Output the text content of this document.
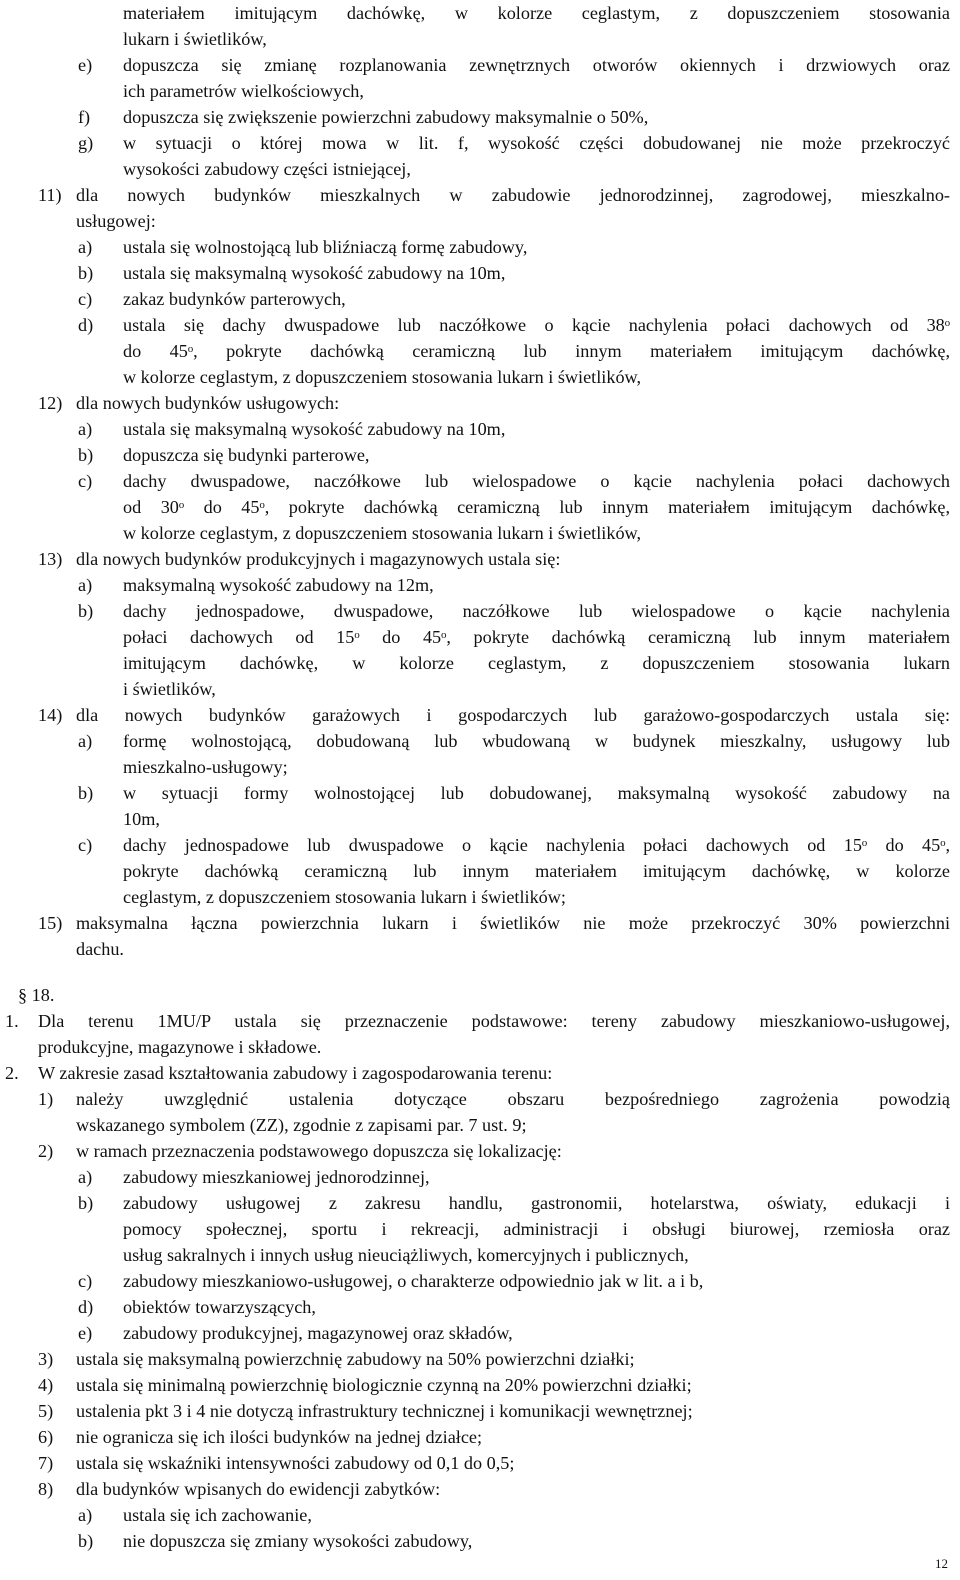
materiałem imitującym dachówkę, w kolorze ceglastym, z dopuszczeniem stosowania
lukarn i świetlików,
e) dopuszcza się zmianę rozplanowania zewnętrznych otworów okiennych i drzwiowych oraz
ich parametrów wielkościowych,
f) dopuszcza się zwiększenie powierzchni zabudowy maksymalnie o 50%,
g) w sytuacji o której mowa w lit. f, wysokość części dobudowanej nie może przekroczyć
wysokości zabudowy części istniejącej,
11) dla nowych budynków mieszkalnych w zabudowie jednorodzinnej, zagrodowej, mieszkalno-
usługowej:
a) ustala się wolnostojącą lub bliźniaczą formę zabudowy,
b) ustala się maksymalną wysokość zabudowy na 10m,
c) zakaz budynków parterowych,
d) ustala się dachy dwuspadowe lub naczółkowe o kącie nachylenia połaci dachowych od 38ᵒ
do 45ᵒ, pokryte dachówką ceramiczną lub innym materiałem imitującym dachówkę,
w kolorze ceglastym, z dopuszczeniem stosowania lukarn i świetlików,
12) dla nowych budynków usługowych:
a) ustala się maksymalną wysokość zabudowy na 10m,
b) dopuszcza się budynki parterowe,
c) dachy dwuspadowe, naczółkowe lub wielospadowe o kącie nachylenia połaci dachowych
od 30ᵒ do 45ᵒ, pokryte dachówką ceramiczną lub innym materiałem imitującym dachówkę,
w kolorze ceglastym, z dopuszczeniem stosowania lukarn i świetlików,
13) dla nowych budynków produkcyjnych i magazynowych ustala się:
a) maksymalną wysokość zabudowy na 12m,
b) dachy jednospadowe, dwuspadowe, naczółkowe lub wielospadowe o kącie nachylenia
połaci dachowych od 15ᵒ do 45ᵒ, pokryte dachówką ceramiczną lub innym materiałem
imitującym dachówkę, w kolorze ceglastym, z dopuszczeniem stosowania lukarn
i świetlików,
14) dla nowych budynków garażowych i gospodarczych lub garażowo-gospodarczych ustala się:
a) formę wolnostojącą, dobudowaną lub wbudowaną w budynek mieszkalny, usługowy lub
mieszkalno-usługowy;
b) w sytuacji formy wolnostojącej lub dobudowanej, maksymalną wysokość zabudowy na
10m,
c) dachy jednospadowe lub dwuspadowe o kącie nachylenia połaci dachowych od 15ᵒ do 45ᵒ,
pokryte dachówką ceramiczną lub innym materiałem imitującym dachówkę, w kolorze
ceglastym, z dopuszczeniem stosowania lukarn i świetlików;
15) maksymalna łączna powierzchnia lukarn i świetlików nie może przekroczyć 30% powierzchni
dachu.
§ 18.
1. Dla terenu 1MU/P ustala się przeznaczenie podstawowe: tereny zabudowy mieszkaniowo-usługowej,
produkcyjne, magazynowe i składowe.
2. W zakresie zasad kształtowania zabudowy i zagospodarowania terenu:
1) należy uwzględnić ustalenia dotyczące obszaru bezpośredniego zagrożenia powodzią
wskazanego symbolem (ZZ), zgodnie z zapisami par. 7 ust. 9;
2) w ramach przeznaczenia podstawowego dopuszcza się lokalizację:
a) zabudowy mieszkaniowej jednorodzinnej,
b) zabudowy usługowej z zakresu handlu, gastronomii, hotelarstwa, oświaty, edukacji i
pomocy społecznej, sportu i rekreacji, administracji i obsługi biurowej, rzemiosła oraz
usług sakralnych i innych usług nieuciążliwych, komercyjnych i publicznych,
c) zabudowy mieszkaniowo-usługowej, o charakterze odpowiednio jak w lit. a i b,
d) obiektów towarzyszących,
e) zabudowy produkcyjnej, magazynowej oraz składów,
3) ustala się maksymalną powierzchnię zabudowy na 50% powierzchni działki;
4) ustala się minimalną powierzchnię biologicznie czynną na 20% powierzchni działki;
5) ustalenia pkt 3 i 4 nie dotyczą infrastruktury technicznej i komunikacji wewnętrznej;
6) nie ogranicza się ich ilości budynków na jednej działce;
7) ustala się wskaźniki intensywności zabudowy od 0,1 do 0,5;
8) dla budynków wpisanych do ewidencji zabytków:
a) ustala się ich zachowanie,
b) nie dopuszcza się zmiany wysokości zabudowy,
12
